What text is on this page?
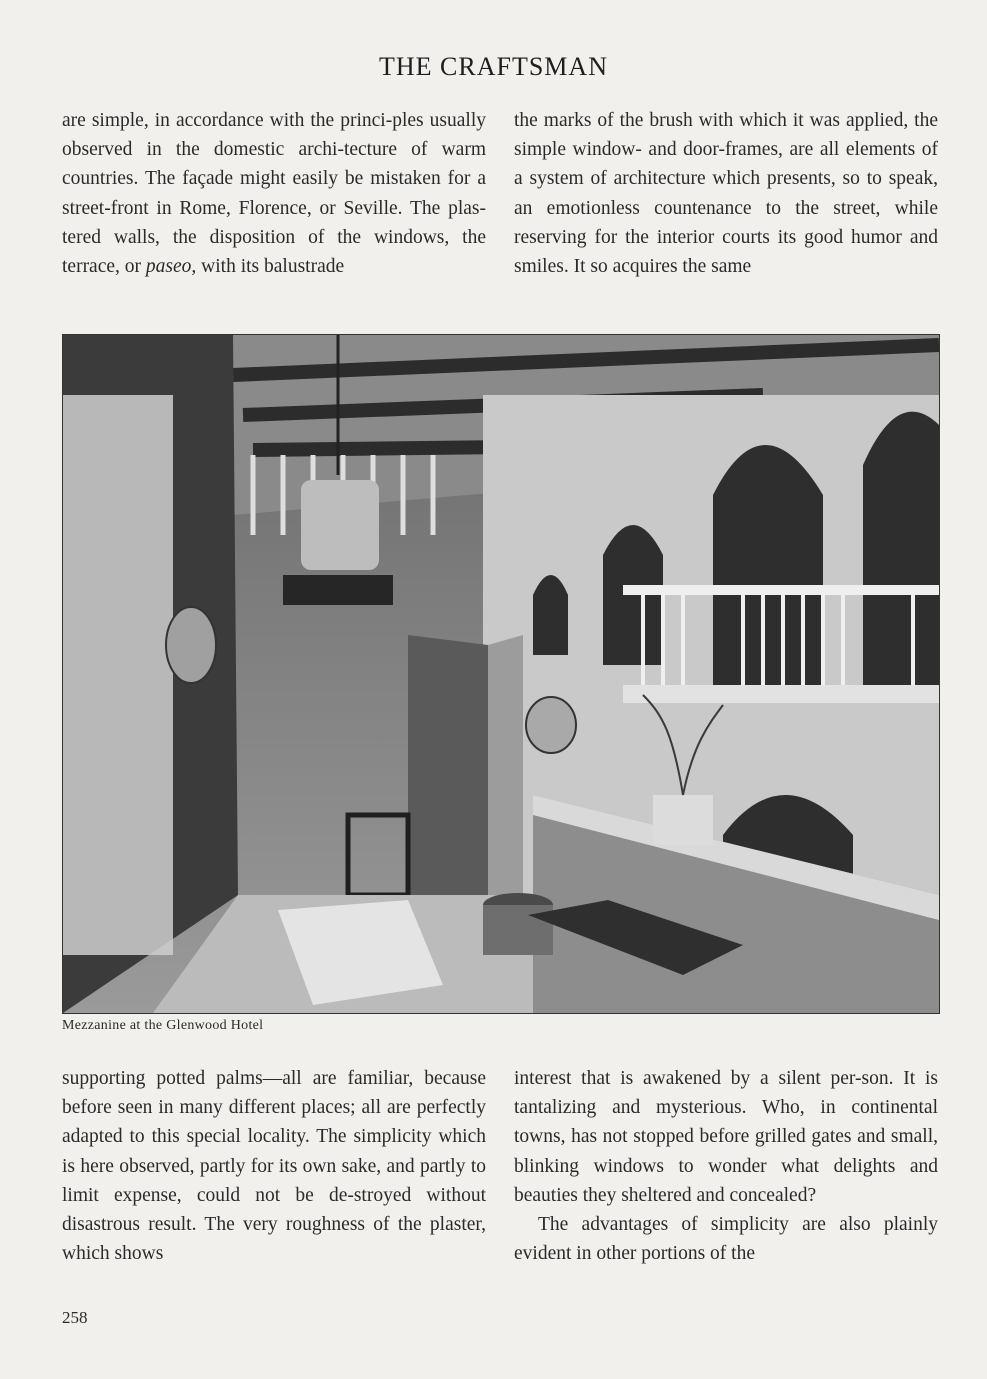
THE CRAFTSMAN

are simple, in accordance with the princi-ples usually observed in the domestic archi-tecture of warm countries. The façade might easily be mistaken for a street-front in Rome, Florence, or Seville. The plas-tered walls, the disposition of the windows, the terrace, or paseo, with its balustrade

the marks of the brush with which it was applied, the simple window- and door-frames, are all elements of a system of architecture which presents, so to speak, an emotionless countenance to the street, while reserving for the interior courts its good humor and smiles. It so acquires the same

Mezzanine at the Glenwood Hotel

supporting potted palms—all are familiar, because before seen in many different places; all are perfectly adapted to this special locality. The simplicity which is here observed, partly for its own sake, and partly to limit expense, could not be de-stroyed without disastrous result. The very roughness of the plaster, which shows

interest that is awakened by a silent per-son. It is tantalizing and mysterious. Who, in continental towns, has not stopped before grilled gates and small, blinking windows to wonder what delights and beauties they sheltered and concealed?

The advantages of simplicity are also plainly evident in other portions of the

258
